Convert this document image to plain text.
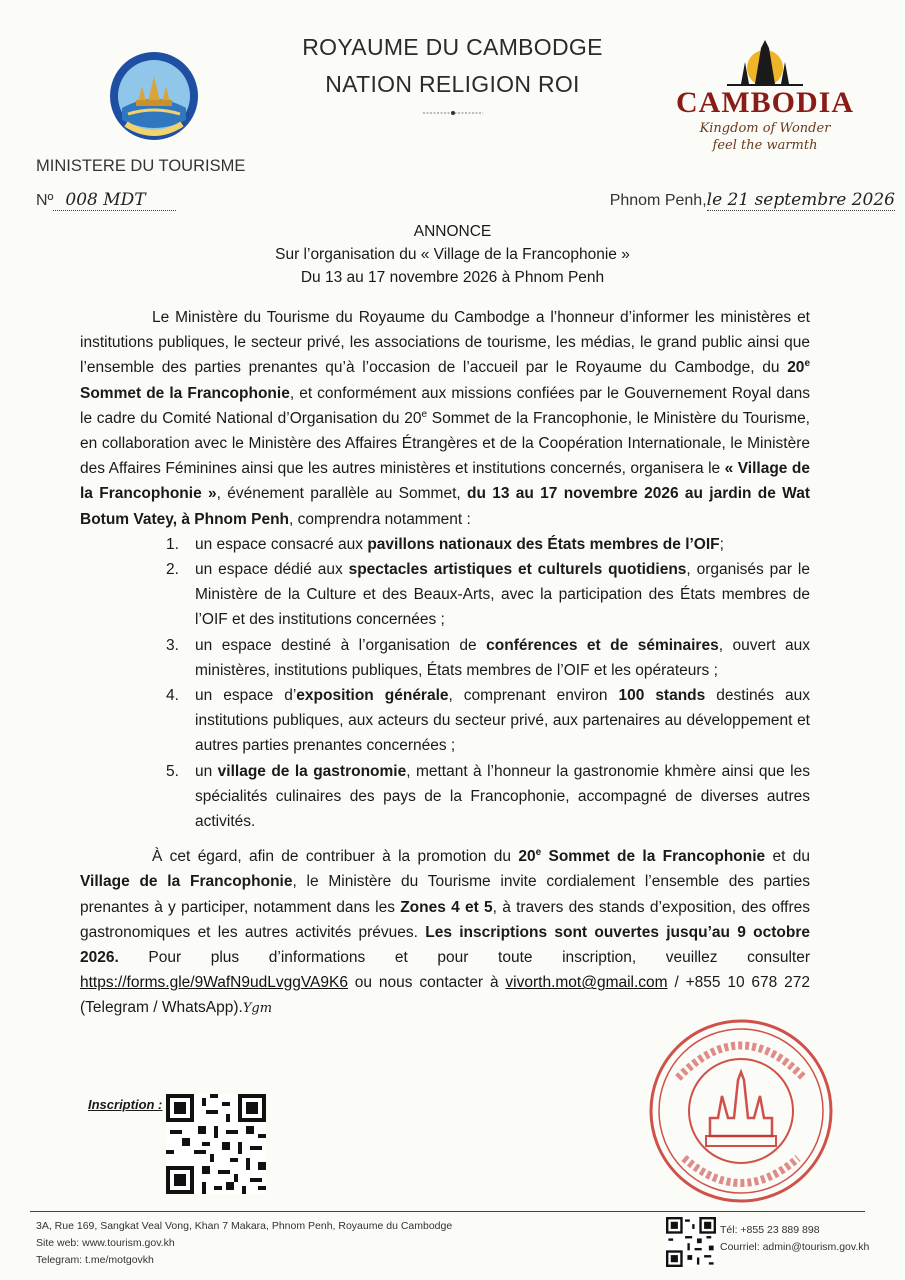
ROYAUME DU CAMBODGE
NATION RELIGION ROI
CAMBODIA
Kingdom of Wonder
feel the warmth
MINISTERE DU TOURISME
Nº 008 MDT	Phnom Penh,le 21 septembre 2026
ANNONCE
Sur l’organisation du « Village de la Francophonie »
Du 13 au 17 novembre 2026 à Phnom Penh

Le Ministère du Tourisme du Royaume du Cambodge a l’honneur d’informer les ministères et institutions publiques, le secteur privé, les associations de tourisme, les médias, le grand public ainsi que l’ensemble des parties prenantes qu’à l’occasion de l’accueil par le Royaume du Cambodge, du 20e Sommet de la Francophonie, et conformément aux missions confiées par le Gouvernement Royal dans le cadre du Comité National d’Organisation du 20e Sommet de la Francophonie, le Ministère du Tourisme, en collaboration avec le Ministère des Affaires Étrangères et de la Coopération Internationale, le Ministère des Affaires Féminines ainsi que les autres ministères et institutions concernés, organisera le « Village de la Francophonie », événement parallèle au Sommet, du 13 au 17 novembre 2026 au jardin de Wat Botum Vatey, à Phnom Penh, comprendra notamment :

1. un espace consacré aux pavillons nationaux des États membres de l’OIF;
2. un espace dédié aux spectacles artistiques et culturels quotidiens, organisés par le Ministère de la Culture et des Beaux-Arts, avec la participation des États membres de l’OIF et des institutions concernées ;
3. un espace destiné à l’organisation de conférences et de séminaires, ouvert aux ministères, institutions publiques, États membres de l’OIF et les opérateurs ;
4. un espace d’exposition générale, comprenant environ 100 stands destinés aux institutions publiques, aux acteurs du secteur privé, aux partenaires au développement et autres parties prenantes concernées ;
5. un village de la gastronomie, mettant à l’honneur la gastronomie khmère ainsi que les spécialités culinaires des pays de la Francophonie, accompagné de diverses autres activités.

À cet égard, afin de contribuer à la promotion du 20e Sommet de la Francophonie et du Village de la Francophonie, le Ministère du Tourisme invite cordialement l’ensemble des parties prenantes à y participer, notamment dans les Zones 4 et 5, à travers des stands d’exposition, des offres gastronomiques et les autres activités prévues. Les inscriptions sont ouvertes jusqu’au 9 octobre 2026. Pour plus d’informations et pour toute inscription, veuillez consulter https://forms.gle/9WafN9udLvggVA9K6 ou nous contacter à vivorth.mot@gmail.com / +855 10 678 272 (Telegram / WhatsApp).Ygm

Inscription :
3A, Rue 169, Sangkat Veal Vong, Khan 7 Makara, Phnom Penh, Royaume du Cambodge
Site web: www.tourism.gov.kh
Telegram: t.me/motgovkh
Tél: +855 23 889 898
Courriel: admin@tourism.gov.kh
